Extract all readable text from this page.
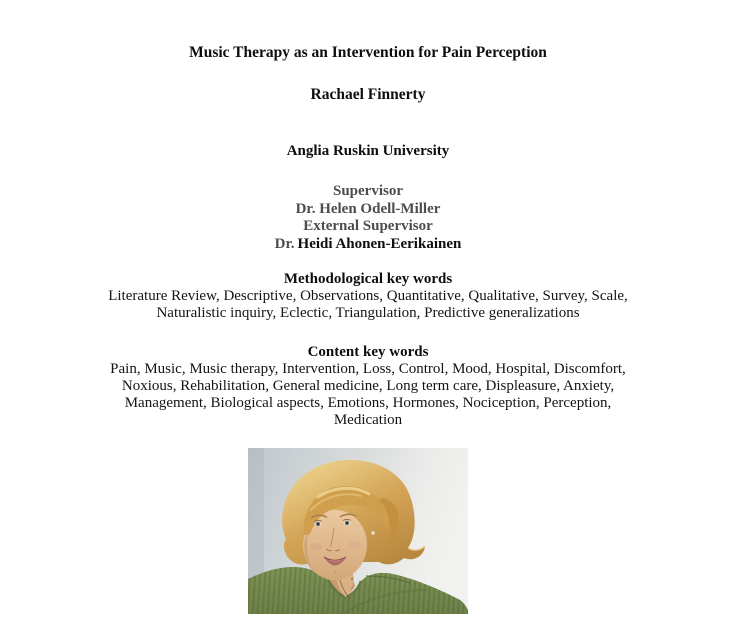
Music Therapy as an Intervention for Pain Perception
Rachael Finnerty
Anglia Ruskin University
Supervisor
Dr. Helen Odell-Miller
External Supervisor
Dr. Heidi Ahonen-Eerikainen
Methodological key words
Literature Review, Descriptive, Observations, Quantitative, Qualitative, Survey, Scale,
Naturalistic inquiry, Eclectic, Triangulation, Predictive generalizations
Content key words
Pain, Music, Music therapy, Intervention, Loss, Control, Mood, Hospital, Discomfort,
Noxious, Rehabilitation, General medicine, Long term care, Displeasure, Anxiety,
Management, Biological aspects, Emotions, Hormones, Nociception, Perception,
Medication
